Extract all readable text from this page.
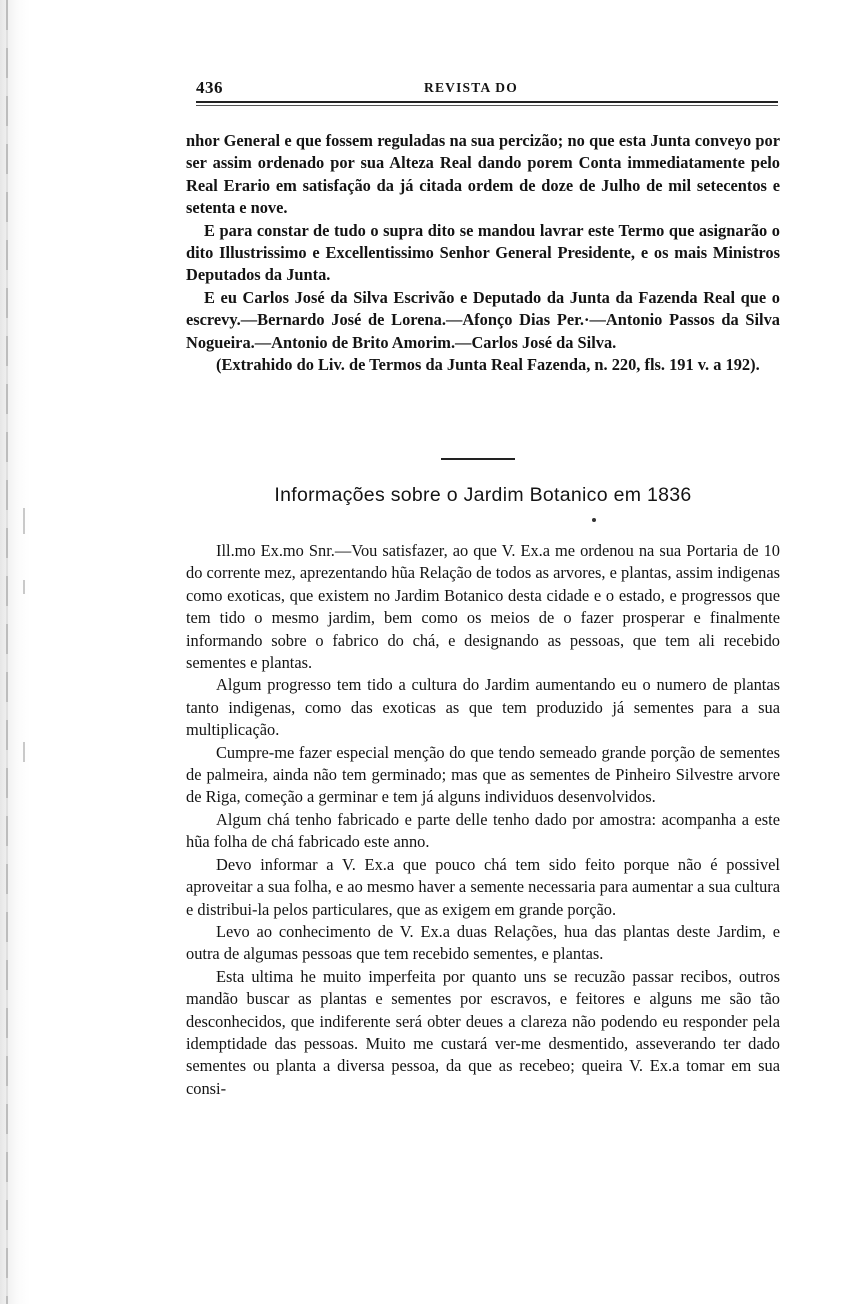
436	REVISTA DO

nhor General e que fossem reguladas na sua percizão; no que esta Junta conveyo por ser assim ordenado por sua Alteza Real dando porem Conta immediatamente pelo Real Erario em satisfação da já citada ordem de doze de Julho de mil setecentos e setenta e nove.

E para constar de tudo o supra dito se mandou lavrar este Termo que asignarão o dito Illustrissimo e Excellentissimo Senhor General Presidente, e os mais Ministros Deputados da Junta.

E eu Carlos José da Silva Escrivão e Deputado da Junta da Fazenda Real que o escrevy.—Bernardo José de Lorena.—Afonço Dias Per.·—Antonio Passos da Silva Nogueira.—Antonio de Brito Amorim.—Carlos José da Silva.

(Extrahido do Liv. de Termos da Junta Real Fazenda, n. 220, fls. 191 v. a 192).

Informações sobre o Jardim Botanico em 1836

Ill.mo Ex.mo Snr.—Vou satisfazer, ao que V. Ex.a me ordenou na sua Portaria de 10 do corrente mez, aprezentando hũa Relação de todos as arvores, e plantas, assim indigenas como exoticas, que existem no Jardim Botanico desta cidade e o estado, e progressos que tem tido o mesmo jardim, bem como os meios de o fazer prosperar e finalmente informando sobre o fabrico do chá, e designando as pessoas, que tem ali recebido sementes e plantas.

Algum progresso tem tido a cultura do Jardim aumentando eu o numero de plantas tanto indigenas, como das exoticas as que tem produzido já sementes para a sua multiplicação.

Cumpre-me fazer especial menção do que tendo semeado grande porção de sementes de palmeira, ainda não tem germinado; mas que as sementes de Pinheiro Silvestre arvore de Riga, começão a germinar e tem já alguns individuos desenvolvidos.

Algum chá tenho fabricado e parte delle tenho dado por amostra: acompanha a este hũa folha de chá fabricado este anno.

Devo informar a V. Ex.a que pouco chá tem sido feito porque não é possivel aproveitar a sua folha, e ao mesmo haver a semente necessaria para aumentar a sua cultura e distribui-la pelos particulares, que as exigem em grande porção.

Levo ao conhecimento de V. Ex.a duas Relações, hua das plantas deste Jardim, e outra de algumas pessoas que tem recebido sementes, e plantas.

Esta ultima he muito imperfeita por quanto uns se recuzão passar recibos, outros mandão buscar as plantas e sementes por escravos, e feitores e alguns me são tão desconhecidos, que indiferente será obter deues a clareza não podendo eu responder pela idemptidade das pessoas. Muito me custará ver-me desmentido, asseverando ter dado sementes ou planta a diversa pessoa, da que as recebeo; queira V. Ex.a tomar em sua consi-
